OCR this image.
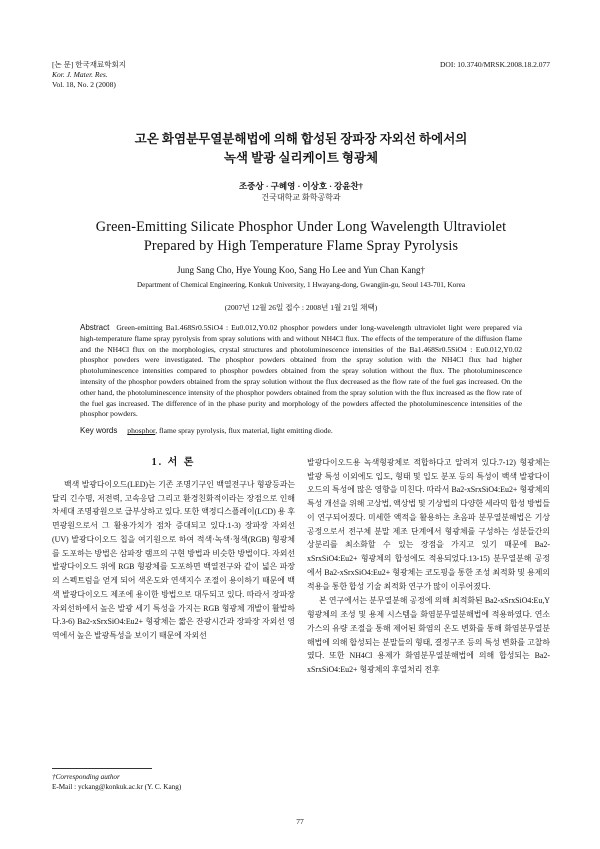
[논 문] 한국재료학회지
Kor. J. Mater. Res.
Vol. 18, No. 2 (2008)
DOI: 10.3740/MRSK.2008.18.2.077
고온 화염분무열분해법에 의해 합성된 장파장 자외선 하에서의
녹색 발광 실리케이트 형광체
조중상 · 구혜영 · 이상호 · 강윤찬†
건국대학교 화학공학과
Green-Emitting Silicate Phosphor Under Long Wavelength Ultraviolet
Prepared by High Temperature Flame Spray Pyrolysis
Jung Sang Cho, Hye Young Koo, Sang Ho Lee and Yun Chan Kang†
Department of Chemical Engineering, Konkuk University, 1 Hwayang-dong, Gwangjin-gu, Seoul 143-701, Korea
(2007년 12월 26일 접수 : 2008년 1월 21일 채택)
Abstract Green-emitting Ba1.468Sr0.5SiO4 : Eu0.012,Y0.02 phosphor powders under long-wavelength ultraviolet light were prepared via high-temperature flame spray pyrolysis from spray solutions with and without NH4Cl flux. The effects of the temperature of the diffusion flame and the NH4Cl flux on the morphologies, crystal structures and photoluminescence intensities of the Ba1.468Sr0.5SiO4 : Eu0.012,Y0.02 phosphor powders were investigated. The phosphor powders obtained from the spray solution with the NH4Cl flux had higher photoluminescence intensities compared to phosphor powders obtained from the spray solution without the flux. The photoluminescence intensity of the phosphor powders obtained from the spray solution without the flux decreased as the flow rate of the fuel gas increased. On the other hand, the photoluminescence intensity of the phosphor powders obtained from the spray solution with the flux increased as the flow rate of the fuel gas increased. The difference of in the phase purity and morphology of the powders affected the photoluminescence intensities of the phosphor powders.
Key words phosphor, flame spray pyrolysis, flux material, light emitting diode.
1. 서 론

백색 발광다이오드(LED)는 기존 조명기구인 백열전구나 형광등과는 달리 긴수명, 저전력, 고속응답 그리고 환경친화적이라는 장점으로 인해 차세대 조명광원으로 급부상하고 있다. 또한 액정디스플레이(LCD) 용 후면광원으로서 그 활용가치가 점차 증대되고 있다.1-3) 장파장 자외선(UV) 발광다이오드 칩을 여기원으로 하여 적색·녹색·청색(RGB) 형광체를 도포하는 방법은 삼파장 램프의 구현 방법과 비슷한 방법이다. 자외선 발광다이오드 위에 RGB 형광체를 도포하면 백열전구와 같이 넓은 파장의 스펙트럼을 얻게 되어 색온도와 연색지수 조절이 용이하기 때문에 백색 발광다이오드 제조에 용이한 방법으로 대두되고 있다. 따라서 장파장 자외선하에서 높은 발광 세기 특성을 가지는 RGB 형광체 개발이 활발하다.3-6) Ba2-xSrxSiO4:Eu2+ 형광체는 짧은 잔광시간과 장파장 자외선 영역에서 높은 발광특성을 보이기 때문에 자외선

발광다이오드용 녹색형광체로 적합하다고 알려져 있다.7-12) 형광체는 발광 특성 이외에도 입도, 형태 및 입도 분포 등의 특성이 백색 발광다이오드의 특성에 많은 영향을 미친다. 따라서 Ba2-xSrxSiO4:Eu2+ 형광체의 특성 개선을 위해 고상법, 액상법 및 기상법의 다양한 세라믹 합성 방법들이 연구되어졌다. 미세한 액적을 활용하는 초음파 분무열분해법은 기상 공정으로서 전구체 분말 제조 단계에서 형광체를 구성하는 성분들간의 상분리를 최소화할 수 있는 장점을 가지고 있기 때문에 Ba2-xSrxSiO4:Eu2+ 형광체의 합성에도 적용되었다.13-15) 분무열분해 공정에서 Ba2-xSrxSiO4:Eu2+ 형광체는 코도핑을 통한 조성 최적화 및 용제의 적용을 통한 합성 기술 최적화 연구가 많이 이루어졌다.

본 연구에서는 분무열분해 공정에 의해 최적화된 Ba2-xSrxSiO4:Eu,Y 형광체의 조성 및 용제 시스템을 화염분무열분해법에 적용하였다. 연소가스의 유량 조절을 통해 제어된 화염의 온도 변화를 통해 화염분무열분해법에 의해 합성되는 분말들의 형태, 결정구조 등의 특성 변화를 고찰하였다. 또한 NH4Cl 용제가 화염분무열분해법에 의해 합성되는 Ba2-xSrxSiO4:Eu2+ 형광체의 후열처리 전후

†Corresponding author
E-Mail : yckang@konkuk.ac.kr (Y. C. Kang)
77
